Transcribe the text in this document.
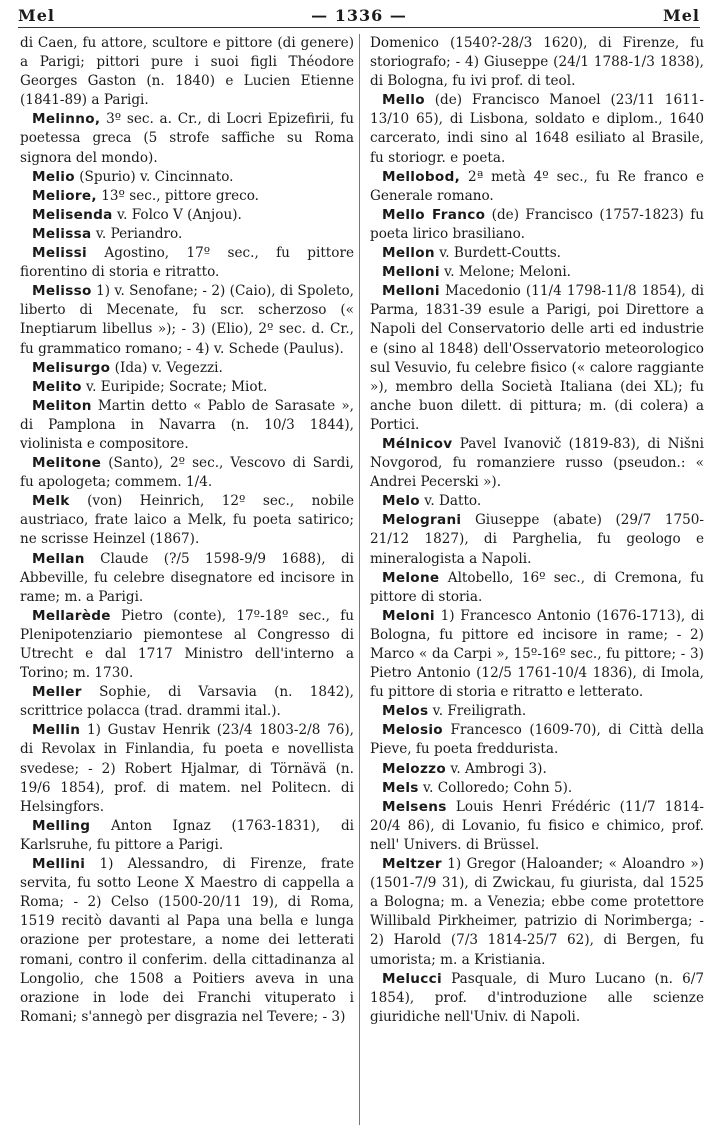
Mel	— 1336 —	Mel

di Caen, fu attore, scultore e pittore (di genere) a Parigi; pittori pure i suoi figli Théodore Georges Gaston (n. 1840) e Lucien Etienne (1841-89) a Parigi.

Melinno, 3º sec. a. Cr., di Locri Epizefirii, fu poetessa greca (5 strofe saffiche su Roma signora del mondo).

Melio (Spurio) v. Cincinnato.

Meliore, 13º sec., pittore greco.

Melisenda v. Folco V (Anjou).

Melissa v. Periandro.

Melissi Agostino, 17º sec., fu pittore fiorentino di storia e ritratto.

Melisso 1) v. Senofane; - 2) (Caio), di Spoleto, liberto di Mecenate, fu scr. scherzoso (« Ineptiarum libellus »); - 3) (Elio), 2º sec. d. Cr., fu grammatico romano; - 4) v. Schede (Paulus).

Melisurgo (Ida) v. Vegezzi.

Melito v. Euripide; Socrate; Miot.

Meliton Martin detto « Pablo de Sarasate », di Pamplona in Navarra (n. 10/3 1844), violinista e compositore.

Melitone (Santo), 2º sec., Vescovo di Sardi, fu apologeta; commem. 1/4.

Melk (von) Heinrich, 12º sec., nobile austriaco, frate laico a Melk, fu poeta satirico; ne scrisse Heinzel (1867).

Mellan Claude (?/5 1598-9/9 1688), di Abbeville, fu celebre disegnatore ed incisore in rame; m. a Parigi.

Mellarède Pietro (conte), 17º-18º sec., fu Plenipotenziario piemontese al Congresso di Utrecht e dal 1717 Ministro dell'interno a Torino; m. 1730.

Meller Sophie, di Varsavia (n. 1842), scrittrice polacca (trad. drammi ital.).

Mellin 1) Gustav Henrik (23/4 1803-2/8 76), di Revolax in Finlandia, fu poeta e novellista svedese; - 2) Robert Hjalmar, di Törnävä (n. 19/6 1854), prof. di matem. nel Politecn. di Helsingfors.

Melling Anton Ignaz (1763-1831), di Karlsruhe, fu pittore a Parigi.

Mellini 1) Alessandro, di Firenze, frate servita, fu sotto Leone X Maestro di cappella a Roma; - 2) Celso (1500-20/11 19), di Roma, 1519 recitò davanti al Papa una bella e lunga orazione per protestare, a nome dei letterati romani, contro il conferim. della cittadinanza al Longolio, che 1508 a Poitiers aveva in una orazione in lode dei Franchi vituperato i Romani; s'annegò per disgrazia nel Tevere; - 3)

Domenico (1540?-28/3 1620), di Firenze, fu storiografo; - 4) Giuseppe (24/1 1788-1/3 1838), di Bologna, fu ivi prof. di teol.

Mello (de) Francisco Manoel (23/11 1611-13/10 65), di Lisbona, soldato e diplom., 1640 carcerato, indi sino al 1648 esiliato al Brasile, fu storiogr. e poeta.

Mellobod, 2ª metà 4º sec., fu Re franco e Generale romano.

Mello Franco (de) Francisco (1757-1823) fu poeta lirico brasiliano.

Mellon v. Burdett-Coutts.

Melloni v. Melone; Meloni.

Melloni Macedonio (11/4 1798-11/8 1854), di Parma, 1831-39 esule a Parigi, poi Direttore a Napoli del Conservatorio delle arti ed industrie e (sino al 1848) dell'Osservatorio meteorologico sul Vesuvio, fu celebre fisico (« calore raggiante »), membro della Società Italiana (dei XL); fu anche buon dilett. di pittura; m. (di colera) a Portici.

Mélnicov Pavel Ivanovič (1819-83), di Nišni Novgorod, fu romanziere russo (pseudon.: « Andrei Pecerski »).

Melo v. Datto.

Melograni Giuseppe (abate) (29/7 1750-21/12 1827), di Parghelia, fu geologo e mineralogista a Napoli.

Melone Altobello, 16º sec., di Cremona, fu pittore di storia.

Meloni 1) Francesco Antonio (1676-1713), di Bologna, fu pittore ed incisore in rame; - 2) Marco « da Carpi », 15º-16º sec., fu pittore; - 3) Pietro Antonio (12/5 1761-10/4 1836), di Imola, fu pittore di storia e ritratto e letterato.

Melos v. Freiligrath.

Melosio Francesco (1609-70), di Città della Pieve, fu poeta freddurista.

Melozzo v. Ambrogi 3).

Mels v. Colloredo; Cohn 5).

Melsens Louis Henri Frédéric (11/7 1814-20/4 86), di Lovanio, fu fisico e chimico, prof. nell' Univers. di Brüssel.

Meltzer 1) Gregor (Haloander; « Aloandro ») (1501-7/9 31), di Zwickau, fu giurista, dal 1525 a Bologna; m. a Venezia; ebbe come protettore Willibald Pirkheimer, patrizio di Norimberga; - 2) Harold (7/3 1814-25/7 62), di Bergen, fu umorista; m. a Kristiania.

Melucci Pasquale, di Muro Lucano (n. 6/7 1854), prof. d'introduzione alle scienze giuridiche nell'Univ. di Napoli.
